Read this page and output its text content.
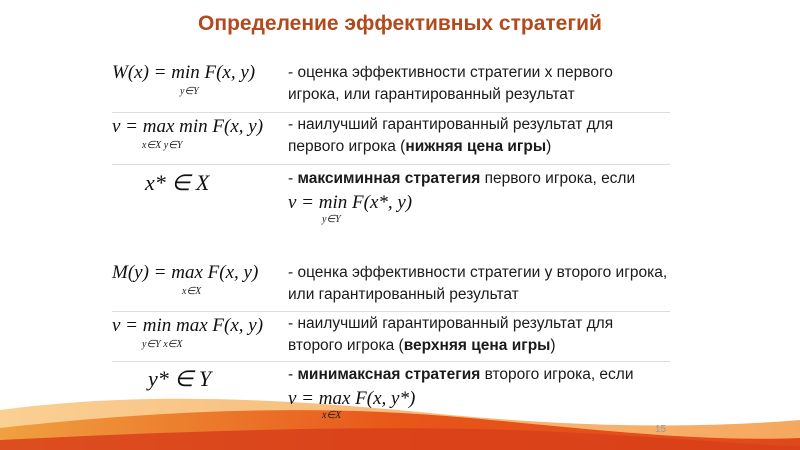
Определение эффективных стратегий
W(x) = min F(x, y)
y∈Y
- оценка эффективности стратегии x первого игрока, или гарантированный результат
v = max min F(x, y)
x∈X y∈Y
- наилучший гарантированный результат для первого игрока (нижняя цена игры)
x* ∈ X	- максиминная стратегия первого игрока, если
v = min F(x*, y)
y∈Y
M(y) = max F(x, y)
x∈X
- оценка эффективности стратегии y второго игрока, или гарантированный результат
v = min max F(x, y)
y∈Y x∈X
- наилучший гарантированный результат для второго игрока (верхняя цена игры)
y* ∈ Y	- минимаксная стратегия второго игрока, если
v = max F(x, y*)
x∈X
15
